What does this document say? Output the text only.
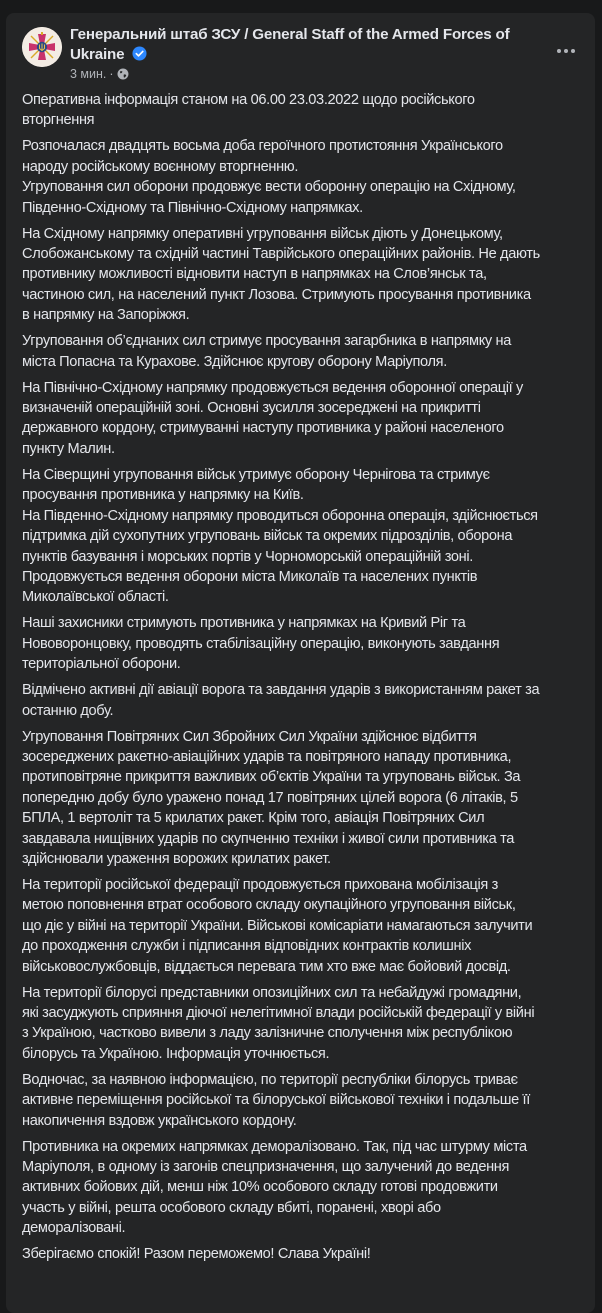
Генеральний штаб ЗСУ / General Staff of the Armed Forces of
Ukraine
3 мин. ·
Оперативна інформація станом на 06.00 23.03.2022 щодо російського
вторгнення
Розпочалася двадцять восьма доба героїчного протистояння Українського
народу російському воєнному вторгненню.
Угруповання сил оборони продовжує вести оборонну операцію на Східному,
Південно-Східному та Північно-Східному напрямках.
На Східному напрямку оперативні угруповання військ діють у Донецькому,
Слобожанському та східній частині Таврійського операційних районів. Не дають
противнику можливості відновити наступ в напрямках на Слов’янськ та,
частиною сил, на населений пункт Лозова. Стримують просування противника
в напрямку на Запоріжжя.
Угруповання об’єднаних сил стримує просування загарбника в напрямку на
міста Попасна та Курахове. Здійснює кругову оборону Маріуполя.
На Північно-Східному напрямку продовжується ведення оборонної операції у
визначеній операційній зоні. Основні зусилля зосереджені на прикритті
державного кордону, стримуванні наступу противника у районі населеного
пункту Малин.
На Сіверщині угруповання військ утримує оборону Чернігова та стримує
просування противника у напрямку на Київ.
На Південно-Східному напрямку проводиться оборонна операція, здійснюється
підтримка дій сухопутних угруповань військ та окремих підрозділів, оборона
пунктів базування і морських портів у Чорноморській операційній зоні.
Продовжується ведення оборони міста Миколаїв та населених пунктів
Миколаївської області.
Наші захисники стримують противника у напрямках на Кривий Ріг та
Нововоронцовку, проводять стабілізаційну операцію, виконують завдання
територіальної оборони.
Відмічено активні дії авіації ворога та завдання ударів з використанням ракет за
останню добу.
Угруповання Повітряних Сил Збройних Сил України здійснює відбиття
зосереджених ракетно-авіаційних ударів та повітряного нападу противника,
протиповітряне прикриття важливих об’єктів України та угруповань військ. За
попередню добу було уражено понад 17 повітряних цілей ворога (6 літаків, 5
БПЛА, 1 вертоліт та 5 крилатих ракет. Крім того, авіація Повітряних Сил
завдавала нищівних ударів по скупченню техніки і живої сили противника та
здійснювали ураження ворожих крилатих ракет.
На території російської федерації продовжується прихована мобілізація з
метою поповнення втрат особового складу окупаційного угруповання військ,
що діє у війні на території України. Військові комісаріати намагаються залучити
до проходження служби і підписання відповідних контрактів колишніх
військовослужбовців, віддається перевага тим хто вже має бойовий досвід.
На території білорусі представники опозиційних сил та небайдужі громадяни,
які засуджують сприяння діючої нелегітимної влади російській федерації у війні
з Україною, частково вивели з ладу залізничне сполучення між республікою
білорусь та Україною. Інформація уточнюється.
Водночас, за наявною інформацією, по території республіки білорусь триває
активне переміщення російської та білоруської військової техніки і подальше її
накопичення вздовж українського кордону.
Противника на окремих напрямках деморалізовано. Так, під час штурму міста
Маріуполя, в одному із загонів спецпризначення, що залучений до ведення
активних бойових дій, менш ніж 10% особового складу готові продовжити
участь у війні, решта особового складу вбиті, поранені, хворі або
деморалізовані.
Зберігаємо спокій! Разом переможемо! Слава Україні!
